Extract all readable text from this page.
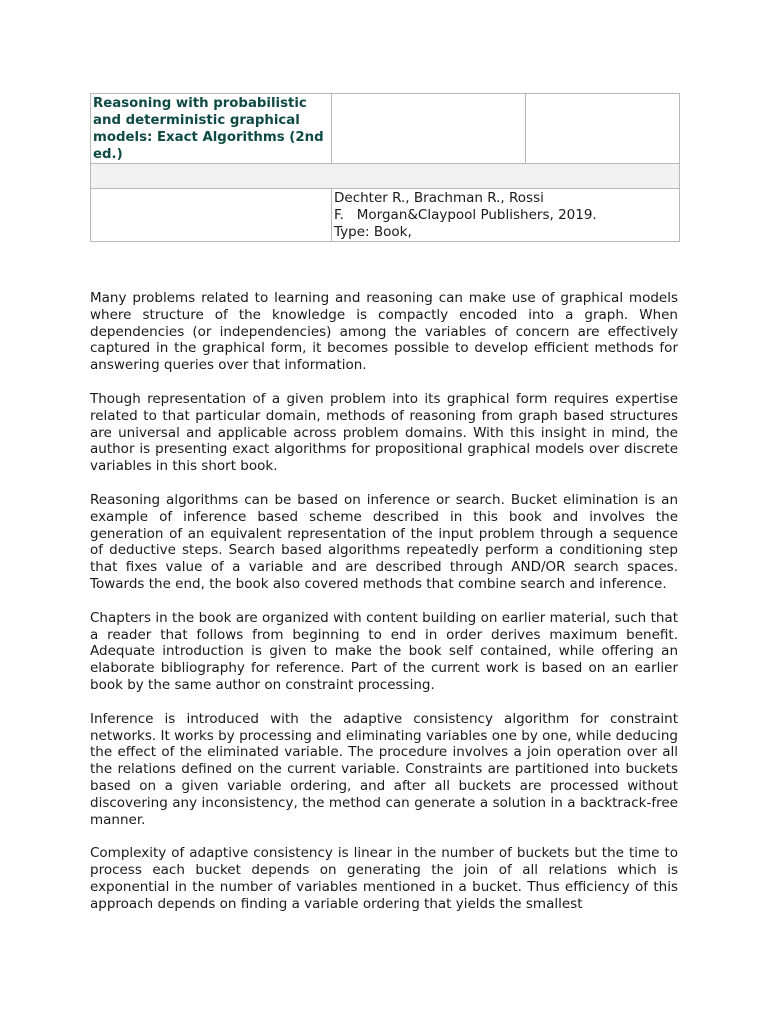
Reasoning with probabilistic and deterministic graphical models: Exact Algorithms (2nd ed.)		

	Dechter R., Brachman R., Rossi
F.   Morgan&Claypool Publishers, 2019.
Type: Book,	

Many problems related to learning and reasoning can make use of graphical models where structure of the knowledge is compactly encoded into a graph. When dependencies (or independencies) among the variables of concern are effectively captured in the graphical form, it becomes possible to develop efficient methods for answering queries over that information.

Though representation of a given problem into its graphical form requires expertise related to that particular domain, methods of reasoning from graph based structures are universal and applicable across problem domains. With this insight in mind, the author is presenting exact algorithms for propositional graphical models over discrete variables in this short book.

Reasoning algorithms can be based on inference or search. Bucket elimination is an example of inference based scheme described in this book and involves the generation of an equivalent representation of the input problem through a sequence of deductive steps. Search based algorithms repeatedly perform a conditioning step that fixes value of a variable and are described through AND/OR search spaces. Towards the end, the book also covered methods that combine search and inference.

Chapters in the book are organized with content building on earlier material, such that a reader that follows from beginning to end in order derives maximum benefit. Adequate introduction is given to make the book self contained, while offering an elaborate bibliography for reference. Part of the current work is based on an earlier book by the same author on constraint processing.

Inference is introduced with the adaptive consistency algorithm for constraint networks. It works by processing and eliminating variables one by one, while deducing the effect of the eliminated variable. The procedure involves a join operation over all the relations defined on the current variable. Constraints are partitioned into buckets based on a given variable ordering, and after all buckets are processed without discovering any inconsistency, the method can generate a solution in a backtrack-free manner.

Complexity of adaptive consistency is linear in the number of buckets but the time to process each bucket depends on generating the join of all relations which is exponential in the number of variables mentioned in a bucket. Thus efficiency of this approach depends on finding a variable ordering that yields the smallest
